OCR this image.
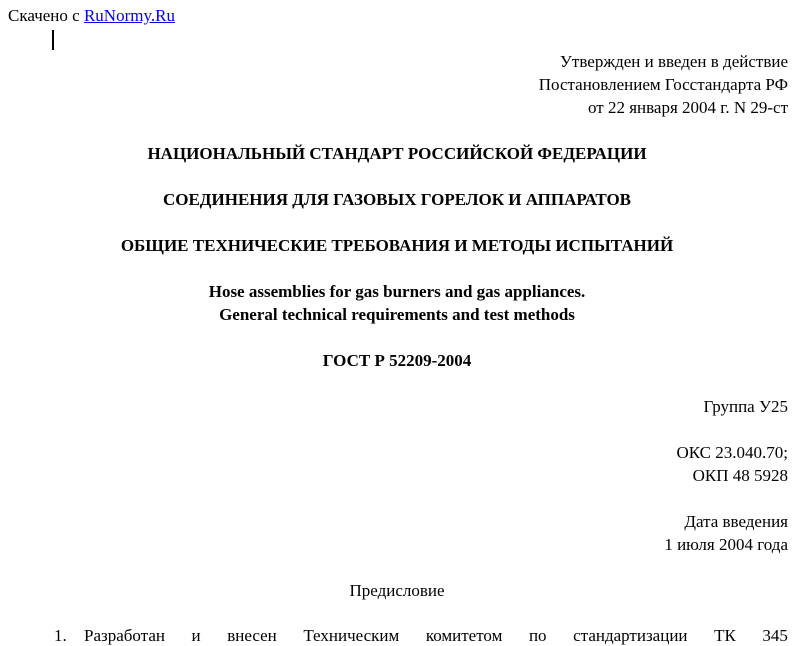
Скачено с RuNormy.Ru
Утвержден и введен в действие
Постановлением Госстандарта РФ
от 22 января 2004 г. N 29-ст
НАЦИОНАЛЬНЫЙ СТАНДАРТ РОССИЙСКОЙ ФЕДЕРАЦИИ
СОЕДИНЕНИЯ ДЛЯ ГАЗОВЫХ ГОРЕЛОК И АППАРАТОВ
ОБЩИЕ ТЕХНИЧЕСКИЕ ТРЕБОВАНИЯ И МЕТОДЫ ИСПЫТАНИЙ
Hose assemblies for gas burners and gas appliances.
General technical requirements and test methods
ГОСТ Р 52209-2004
Группа У25
ОКС 23.040.70;
ОКП 48 5928
Дата введения
1 июля 2004 года
Предисловие
1. Разработан и внесен Техническим комитетом по стандартизации ТК 345
